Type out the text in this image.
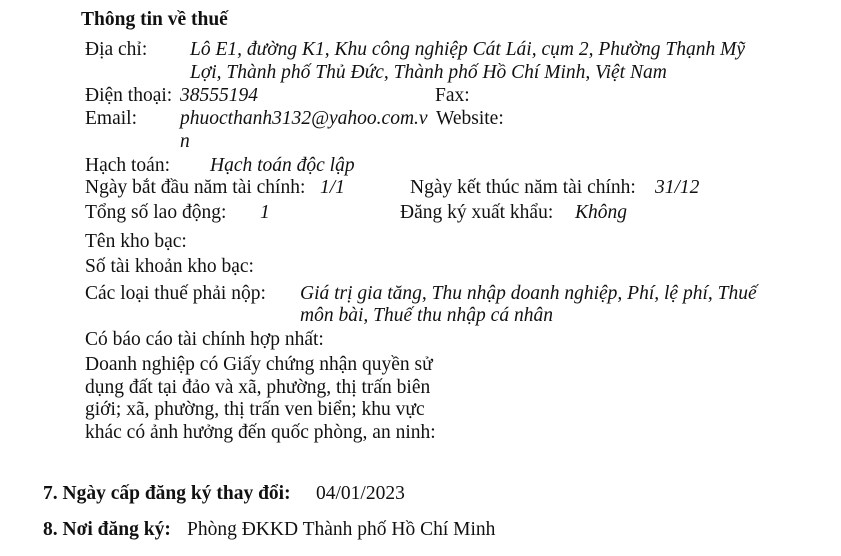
Thông tin về thuế
Địa chỉ: Lô E1, đường K1, Khu công nghiệp Cát Lái, cụm 2, Phường Thạnh Mỹ
Lợi, Thành phố Thủ Đức, Thành phố Hồ Chí Minh, Việt Nam
Điện thoại: 38555194	Fax:
Email: phuocthanh3132@yahoo.com.v
n
Website:
Hạch toán: Hạch toán độc lập
Ngày bắt đầu năm tài chính: 1/1	Ngày kết thúc năm tài chính: 31/12
Tổng số lao động: 1	Đăng ký xuất khẩu: Không
Tên kho bạc:
Số tài khoản kho bạc:
Các loại thuế phải nộp: Giá trị gia tăng, Thu nhập doanh nghiệp, Phí, lệ phí, Thuế
môn bài, Thuế thu nhập cá nhân
Có báo cáo tài chính hợp nhất:
Doanh nghiệp có Giấy chứng nhận quyền sử
dụng đất tại đảo và xã, phường, thị trấn biên
giới; xã, phường, thị trấn ven biển; khu vực
khác có ảnh hưởng đến quốc phòng, an ninh:
7. Ngày cấp đăng ký thay đổi: 04/01/2023
8. Nơi đăng ký: Phòng ĐKKD Thành phố Hồ Chí Minh
